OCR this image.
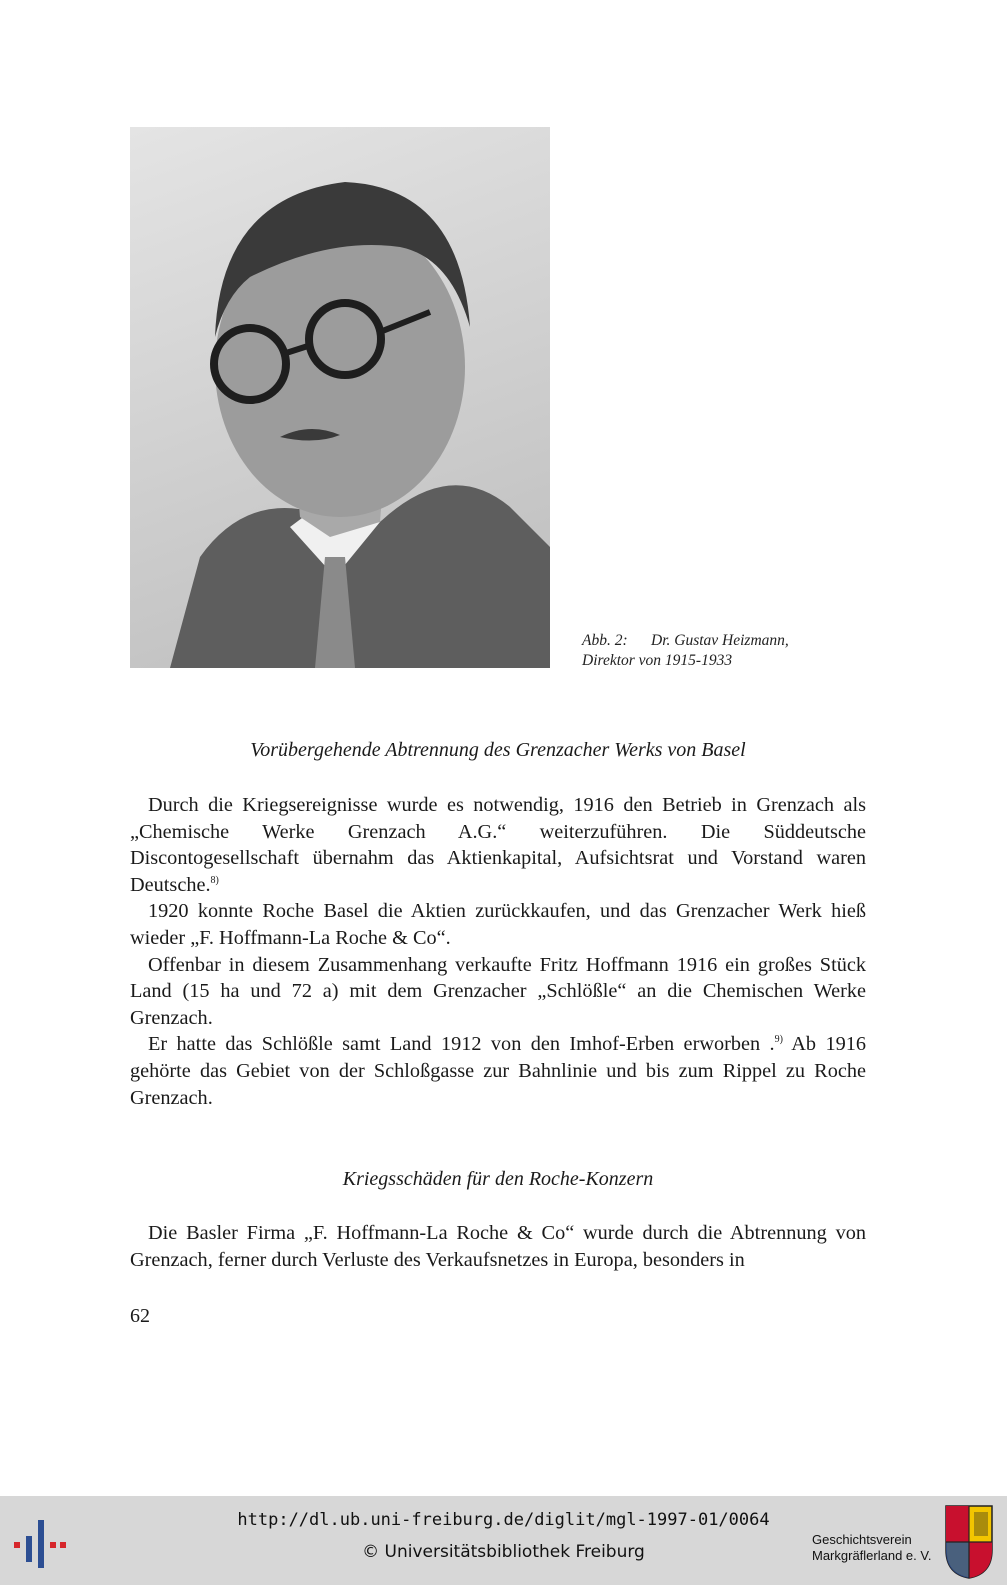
Abb. 2: Dr. Gustav Heizmann,
Direktor von 1915-1933
Vorübergehende Abtrennung des Grenzacher Werks von Basel

Durch die Kriegsereignisse wurde es notwendig, 1916 den Betrieb in Grenzach als „Chemische Werke Grenzach A.G.“ weiterzuführen. Die Süddeutsche Discontogesellschaft übernahm das Aktienkapital, Aufsichtsrat und Vorstand waren Deutsche.$^{8)}$

1920 konnte Roche Basel die Aktien zurückkaufen, und das Grenzacher Werk hieß wieder „F. Hoffmann-La Roche & Co“.

Offenbar in diesem Zusammenhang verkaufte Fritz Hoffmann 1916 ein großes Stück Land (15 ha und 72 a) mit dem Grenzacher „Schlößle“ an die Chemischen Werke Grenzach.

Er hatte das Schlößle samt Land 1912 von den Imhof-Erben erworben .$^{9)}$ Ab 1916 gehörte das Gebiet von der Schloßgasse zur Bahnlinie und bis zum Rippel zu Roche Grenzach.

Kriegsschäden für den Roche-Konzern

Die Basler Firma „F. Hoffmann-La Roche & Co“ wurde durch die Abtrennung von Grenzach, ferner durch Verluste des Verkaufsnetzes in Europa, besonders in

62
http://dl.ub.uni-freiburg.de/diglit/mgl-1997-01/0064
© Universitätsbibliothek Freiburg
Geschichtsverein
Markgräflerland e. V.
